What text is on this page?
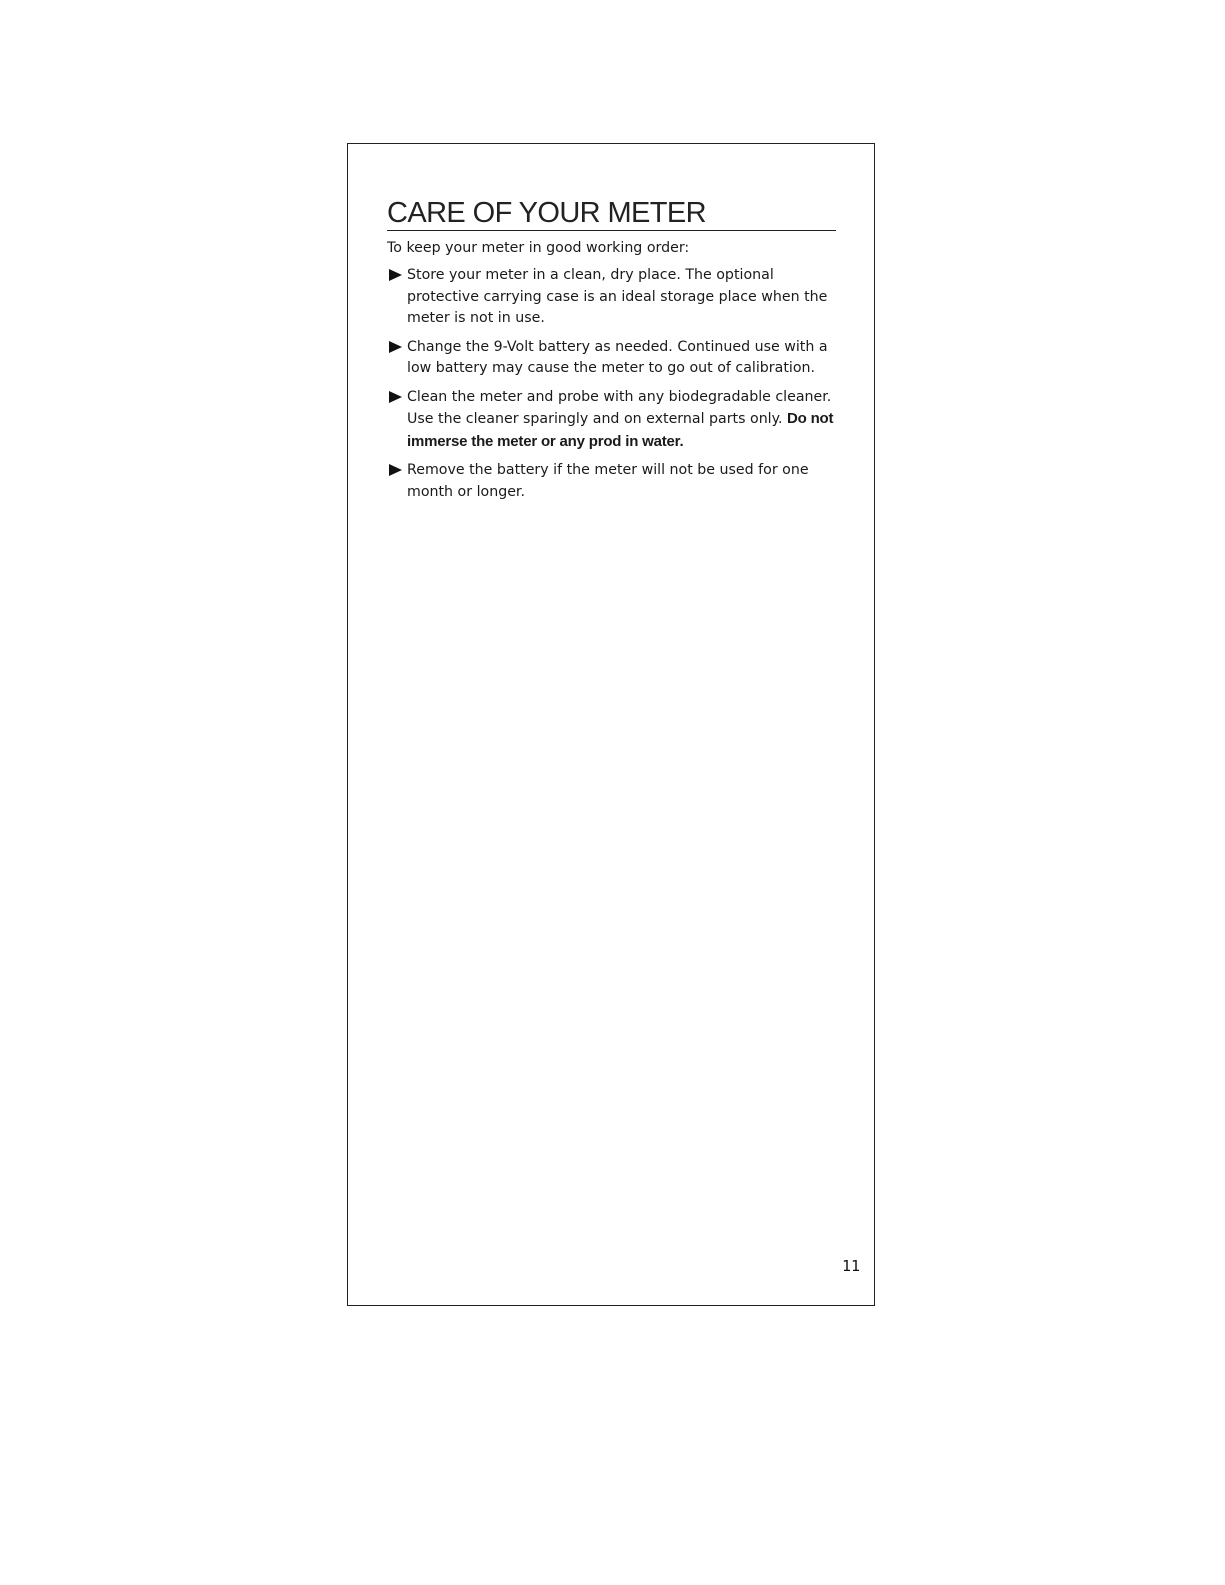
CARE OF YOUR METER

To keep your meter in good working order:

Store your meter in a clean, dry place. The optional protective carrying case is an ideal storage place when the meter is not in use.
Change the 9-Volt battery as needed. Continued use with a low battery may cause the meter to go out of calibration.
Clean the meter and probe with any biodegradable cleaner. Use the cleaner sparingly and on external parts only. Do not immerse the meter or any prod in water.
Remove the battery if the meter will not be used for one month or longer.
11
